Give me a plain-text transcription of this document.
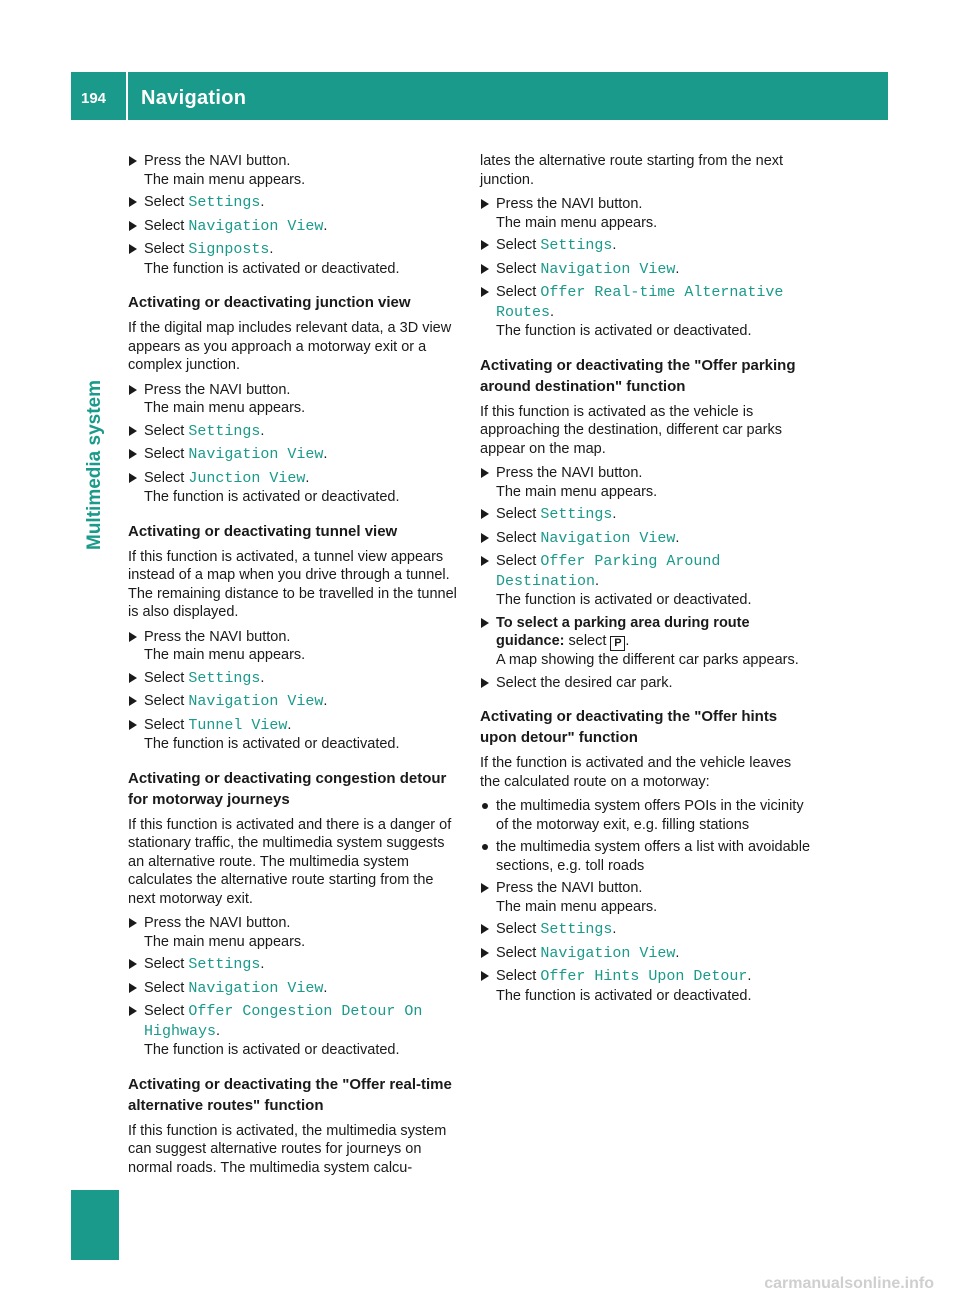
194 Navigation
Multimedia system
Press the NAVI button.
The main menu appears.
Select Settings.
Select Navigation View.
Select Signposts.
The function is activated or deactivated.
Activating or deactivating junction view

If the digital map includes relevant data, a 3D view appears as you approach a motorway exit or a complex junction.

Press the NAVI button.
The main menu appears.
Select Settings.
Select Navigation View.
Select Junction View.
The function is activated or deactivated.
Activating or deactivating tunnel view

If this function is activated, a tunnel view appears instead of a map when you drive through a tunnel. The remaining distance to be travelled in the tunnel is also displayed.

Press the NAVI button.
The main menu appears.
Select Settings.
Select Navigation View.
Select Tunnel View.
The function is activated or deactivated.
Activating or deactivating congestion detour for motorway journeys

If this function is activated and there is a danger of stationary traffic, the multimedia system suggests an alternative route. The multimedia system calculates the alternative route starting from the next motorway exit.

Press the NAVI button.
The main menu appears.
Select Settings.
Select Navigation View.
Select Offer Congestion Detour On Highways.
The function is activated or deactivated.
Activating or deactivating the "Offer real-time alternative routes" function

If this function is activated, the multimedia system can suggest alternative routes for journeys on normal roads. The multimedia system calcu-

lates the alternative route starting from the next junction.

Press the NAVI button.
The main menu appears.
Select Settings.
Select Navigation View.
Select Offer Real-time Alternative Routes.
The function is activated or deactivated.
Activating or deactivating the "Offer parking around destination" function

If this function is activated as the vehicle is approaching the destination, different car parks appear on the map.

Press the NAVI button.
The main menu appears.
Select Settings.
Select Navigation View.
Select Offer Parking Around Destination.
The function is activated or deactivated.
To select a parking area during route guidance: select P .
A map showing the different car parks appears.
Select the desired car park.
Activating or deactivating the "Offer hints upon detour" function

If the function is activated and the vehicle leaves the calculated route on a motorway:

the multimedia system offers POIs in the vicinity of the motorway exit, e.g. filling stations
the multimedia system offers a list with avoidable sections, e.g. toll roads
Press the NAVI button.
The main menu appears.
Select Settings.
Select Navigation View.
Select Offer Hints Upon Detour.
The function is activated or deactivated.
carmanualsonline.info
